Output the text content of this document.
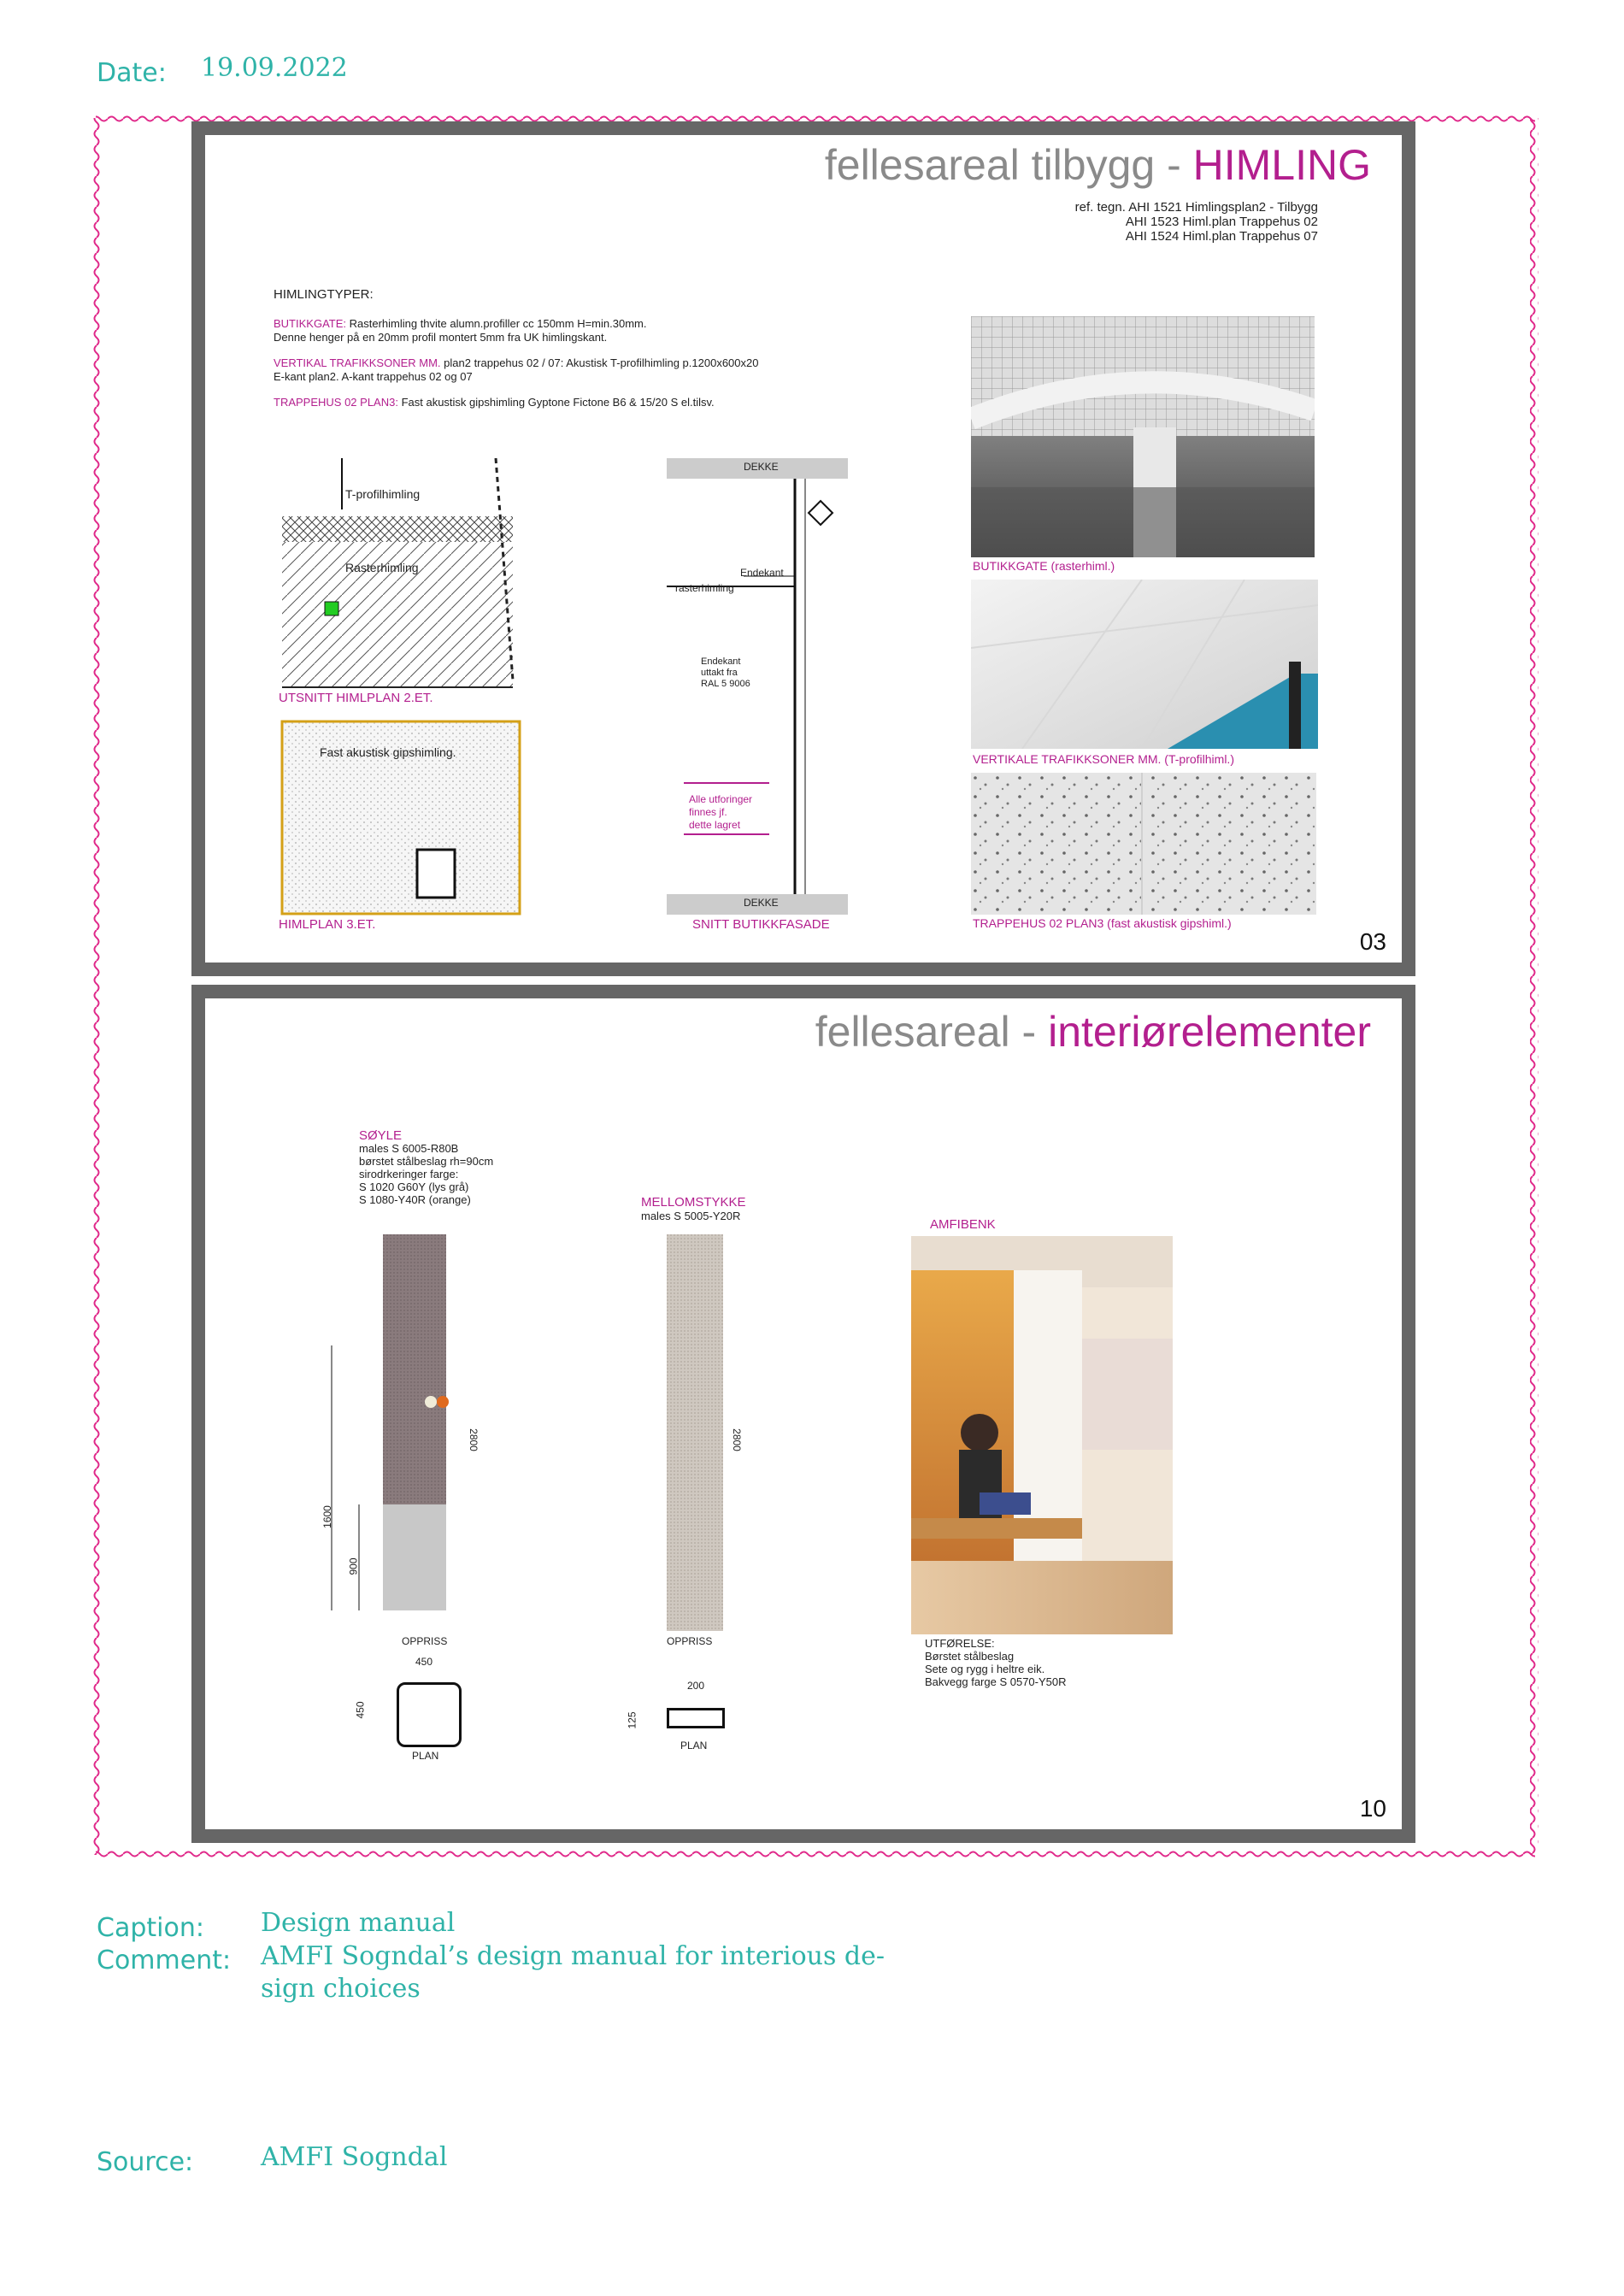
Date: 19.09.2022
fellesareal tilbygg - HIMLING
ref. tegn. AHI 1521 Himlingsplan2 - Tilbygg
AHI 1523 Himl.plan Trappehus 02
AHI 1524 Himl.plan Trappehus 07
HIMLINGTYPER:
BUTIKKGATE: Rasterhimling thvite alumn.profiller cc 150mm H=min.30mm.
Denne henger på en 20mm profil montert 5mm fra UK himlingskant.
VERTIKAL TRAFIKKSONER MM. plan2 trappehus 02 / 07: Akustisk T-profilhimling p.1200x600x20
E-kant plan2. A-kant trappehus 02 og 07
TRAPPEHUS 02 PLAN3: Fast akustisk gipshimling Gyptone Fictone B6 & 15/20 S el.tilsv.
T-profilhimling
Rasterhimling
UTSNITT HIMLPLAN 2.ET.
Fast akustisk gipshimling.
HIMLPLAN 3.ET.
DEKKE
Endekant
rasterhimling
Endekant
uttakt fra
RAL 5 9006
Alle utforinger
finnes jf.
dette lagret
DEKKE
SNITT BUTIKKFASADE
BUTIKKGATE (rasterhiml.)
VERTIKALE TRAFIKKSONER MM. (T-profilhiml.)
TRAPPEHUS 02 PLAN3 (fast akustisk gipshiml.)
03
fellesareal - interiørelementer
SØYLE
males S 6005-R80B
børstet stålbeslag rh=90cm
sirodrkeringer farge:
S 1020 G60Y (lys grå)
S 1080-Y40R (orange)
2800
1600
900
OPPRISS
450
450
PLAN
MELLOMSTYKKE
males S 5005-Y20R
2800
OPPRISS
200
125
PLAN
AMFIBENK
UTFØRELSE:
Børstet stålbeslag
Sete og rygg i heltre eik.
Bakvegg farge S 0570-Y50R
10
Caption: Design manual
Comment: AMFI Sogndal’s design manual for interious de-
sign choices
Source:	AMFI Sogndal
